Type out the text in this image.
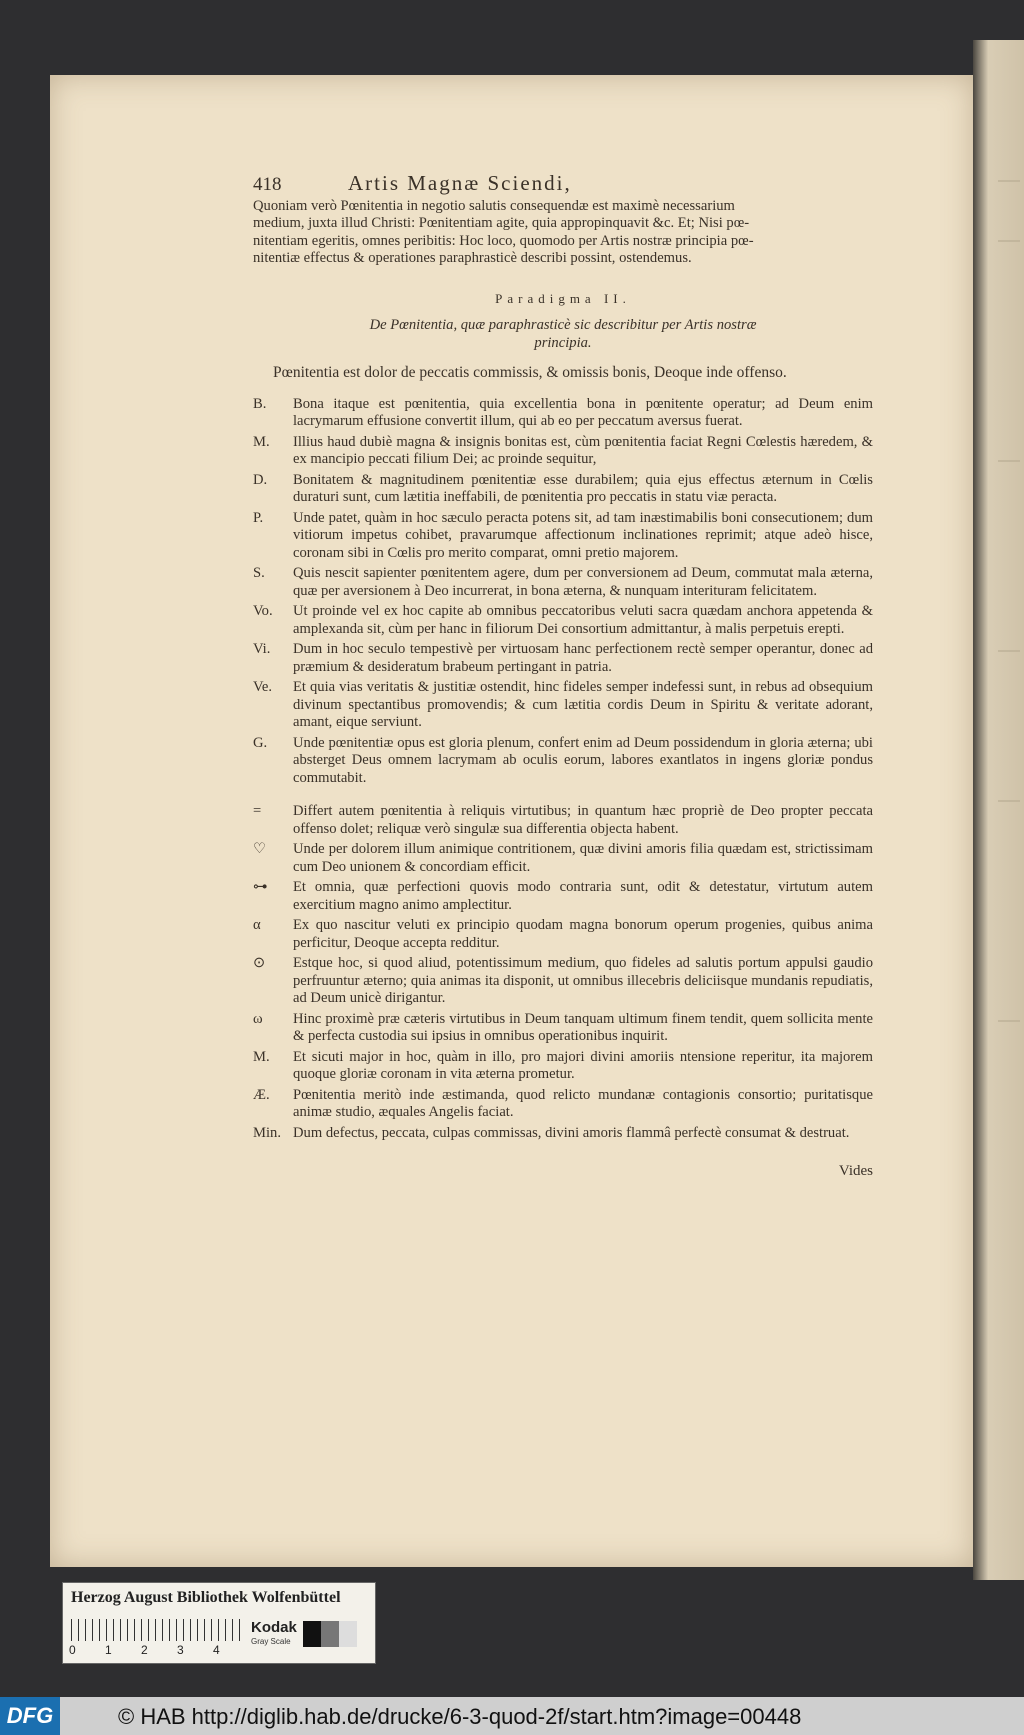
418	Artis Magnæ Sciendi,

Quoniam verò Pœnitentia in negotio salutis consequendæ est maximè necessarium

medium, juxta illud Christi: Pœnitentiam agite, quia appropinquavit &c. Et; Nisi pœ-

nitentiam egeritis, omnes peribitis: Hoc loco, quomodo per Artis nostræ principia pœ-

nitentiæ effectus & operationes paraphrasticè describi possint, ostendemus.

Paradigma II.
De Pœnitentia, quæ paraphrasticè sic describitur per Artis nostræ
principia.
Pœnitentia est dolor de peccatis commissis, & omissis bonis, Deoque inde offenso.
B.	Bona itaque est pœnitentia, quia excellentia bona in pœnitente operatur; ad Deum enim lacrymarum effusione convertit illum, qui ab eo per peccatum aversus fuerat.
M.	Illius haud dubiè magna & insignis bonitas est, cùm pœnitentia faciat Regni Cœlestis hæredem, & ex mancipio peccati filium Dei; ac proinde sequitur,
D.	Bonitatem & magnitudinem pœnitentiæ esse durabilem; quia ejus effectus æternum in Cœlis duraturi sunt, cum lætitia ineffabili, de pœnitentia pro peccatis in statu viæ peracta.
P.	Unde patet, quàm in hoc sæculo peracta potens sit, ad tam inæstimabilis boni consecutionem; dum vitiorum impetus cohibet, pravarumque affectionum inclinationes reprimit; atque adeò hisce, coronam sibi in Cœlis pro merito comparat, omni pretio majorem.
S.	Quis nescit sapienter pœnitentem agere, dum per conversionem ad Deum, commutat mala æterna, quæ per aversionem à Deo incurrerat, in bona æterna, & nunquam interituram felicitatem.
Vo.	Ut proinde vel ex hoc capite ab omnibus peccatoribus veluti sacra quædam anchora appetenda & amplexanda sit, cùm per hanc in filiorum Dei consortium admittantur, à malis perpetuis erepti.
Vi.	Dum in hoc seculo tempestivè per virtuosam hanc perfectionem rectè semper operantur, donec ad præmium & desideratum brabeum pertingant in patria.
Ve.	Et quia vias veritatis & justitiæ ostendit, hinc fideles semper indefessi sunt, in rebus ad obsequium divinum spectantibus promovendis; & cum lætitia cordis Deum in Spiritu & veritate adorant, amant, eique serviunt.
G.	Unde pœnitentiæ opus est gloria plenum, confert enim ad Deum possidendum in gloria æterna; ubi absterget Deus omnem lacrymam ab oculis eorum, labores exantlatos in ingens gloriæ pondus commutabit.
=	Differt autem pœnitentia à reliquis virtutibus; in quantum hæc propriè de Deo propter peccata offenso dolet; reliquæ verò singulæ sua differentia objecta habent.
♡	Unde per dolorem illum animique contritionem, quæ divini amoris filia quædam est, strictissimam cum Deo unionem & concordiam efficit.
⊶	Et omnia, quæ perfectioni quovis modo contraria sunt, odit & detestatur, virtutum autem exercitium magno animo amplectitur.
α	Ex quo nascitur veluti ex principio quodam magna bonorum operum progenies, quibus anima perficitur, Deoque accepta redditur.
⊙	Estque hoc, si quod aliud, potentissimum medium, quo fideles ad salutis portum appulsi gaudio perfruuntur æterno; quia animas ita disponit, ut omnibus illecebris deliciisque mundanis repudiatis, ad Deum unicè dirigantur.
ω	Hinc proximè præ cæteris virtutibus in Deum tanquam ultimum finem tendit, quem sollicita mente & perfecta custodia sui ipsius in omnibus operationibus inquirit.
M.	Et sicuti major in hoc, quàm in illo, pro majori divini amoriis ntensione reperitur, ita majorem quoque gloriæ coronam in vita æterna prometur.
Æ.	Pœnitentia meritò inde æstimanda, quod relicto mundanæ contagionis consortio; puritatisque animæ studio, æquales Angelis faciat.
Min. Dum defectus, peccata, culpas commissas, divini amoris flammâ perfectè consumat & destruat.
Vides
Herzog August Bibliothek Wolfenbüttel
0 1 2 3 4
Kodak
Gray Scale
DFG	© HAB http://diglib.hab.de/drucke/6-3-quod-2f/start.htm?image=00448
